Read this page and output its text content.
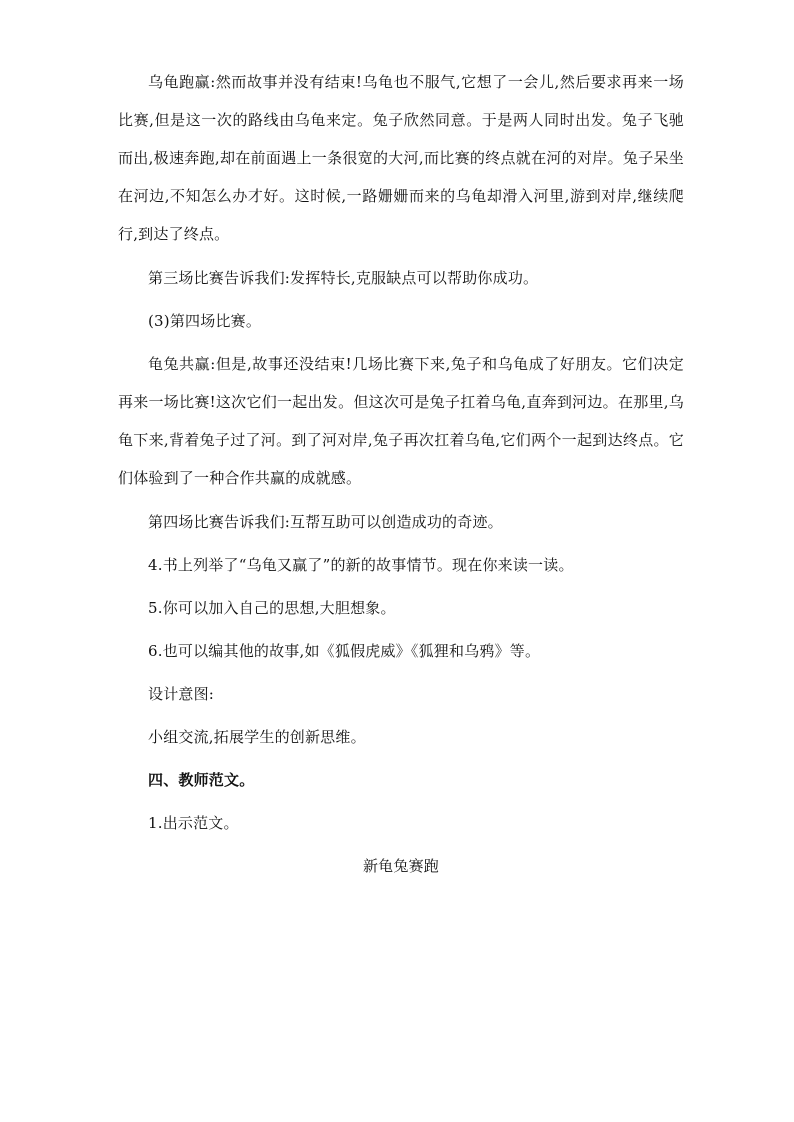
乌龟跑赢:然而故事并没有结束!乌龟也不服气,它想了一会儿,然后要求再来一场比赛,但是这一次的路线由乌龟来定。兔子欣然同意。于是两人同时出发。兔子飞驰而出,极速奔跑,却在前面遇上一条很宽的大河,而比赛的终点就在河的对岸。兔子呆坐在河边,不知怎么办才好。这时候,一路姗姗而来的乌龟却滑入河里,游到对岸,继续爬行,到达了终点。

第三场比赛告诉我们:发挥特长,克服缺点可以帮助你成功。

(3)第四场比赛。

龟兔共赢:但是,故事还没结束!几场比赛下来,兔子和乌龟成了好朋友。它们决定再来一场比赛!这次它们一起出发。但这次可是兔子扛着乌龟,直奔到河边。在那里,乌龟下来,背着兔子过了河。到了河对岸,兔子再次扛着乌龟,它们两个一起到达终点。它们体验到了一种合作共赢的成就感。

第四场比赛告诉我们:互帮互助可以创造成功的奇迹。

4.书上列举了“乌龟又赢了”的新的故事情节。现在你来读一读。

5.你可以加入自己的思想,大胆想象。

6.也可以编其他的故事,如《狐假虎威》《狐狸和乌鸦》等。

设计意图:

小组交流,拓展学生的创新思维。

四、教师范文。

1.出示范文。

新龟兔赛跑
